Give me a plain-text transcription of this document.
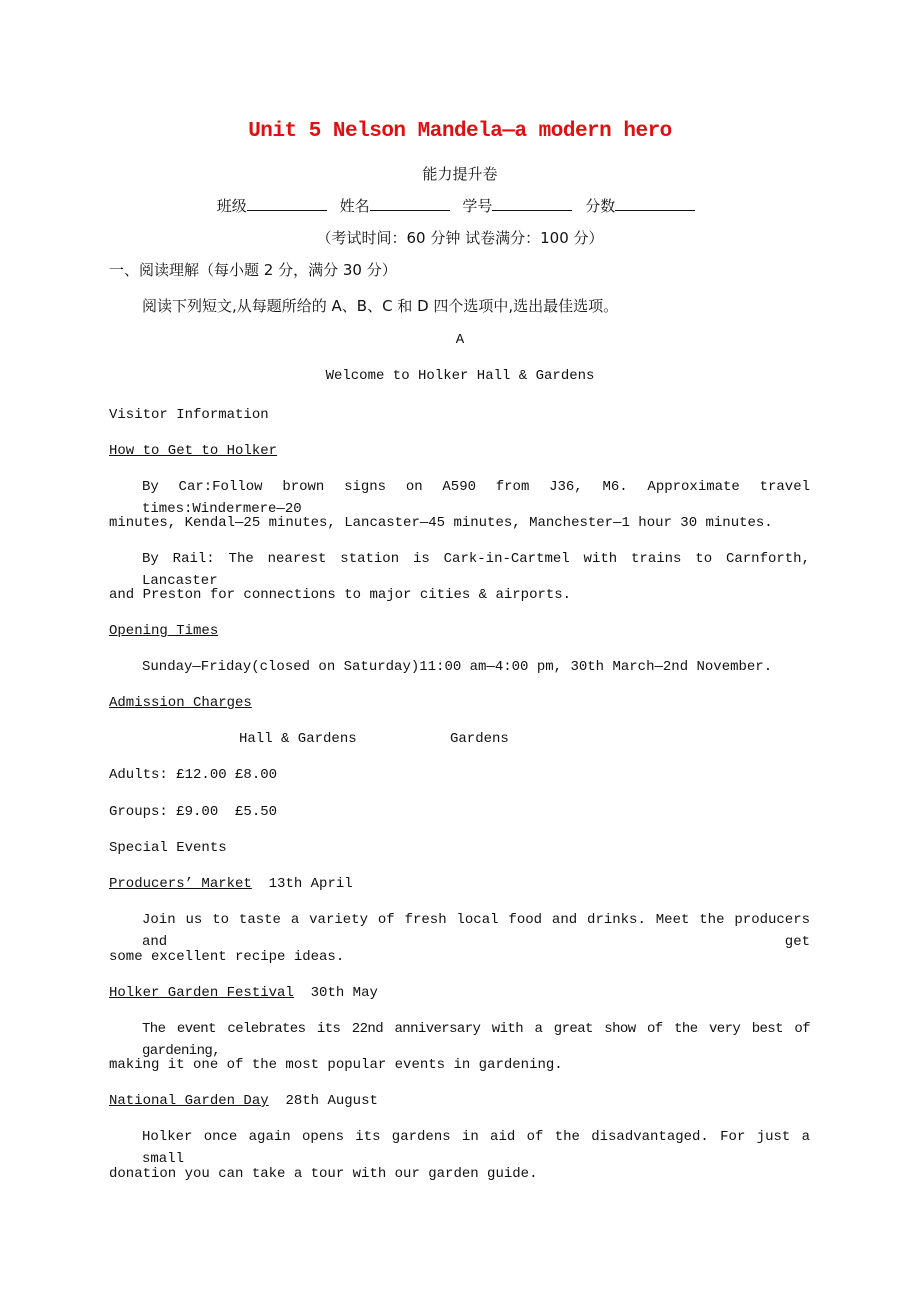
Unit 5 Nelson Mandela—a modern hero
能力提升卷
班级	姓名	学号	分数
（考试时间：60 分钟 试卷满分：100 分）
一、阅读理解（每小题 2 分，满分 30 分）
阅读下列短文,从每题所给的 A、B、C 和 D 四个选项中,选出最佳选项。
A
Welcome to Holker Hall & Gardens
Visitor Information
How to Get to Holker
By Car:Follow brown signs on A590 from J36, M6. Approximate travel times:Windermere—20
minutes, Kendal—25 minutes, Lancaster—45 minutes, Manchester—1 hour 30 minutes.
By Rail: The nearest station is Cark-in-Cartmel with trains to Carnforth, Lancaster
and Preston for connections to major cities & airports.
Opening Times
Sunday—Friday(closed on Saturday)11:00 am—4:00 pm, 30th March—2nd November.
Admission Charges
Hall & Gardens	Gardens
Adults: £12.00 £8.00
Groups: £9.00  £5.50
Special Events
Producers’ Market 13th April
Join us to taste a variety of fresh local food and drinks. Meet the producers and get
some excellent recipe ideas.
Holker Garden Festival 30th May
The event celebrates its 22nd anniversary with a great show of the very best of gardening,
making it one of the most popular events in gardening.
National Garden Day 28th August
Holker once again opens its gardens in aid of the disadvantaged. For just a small
donation you can take a tour with our garden guide.
